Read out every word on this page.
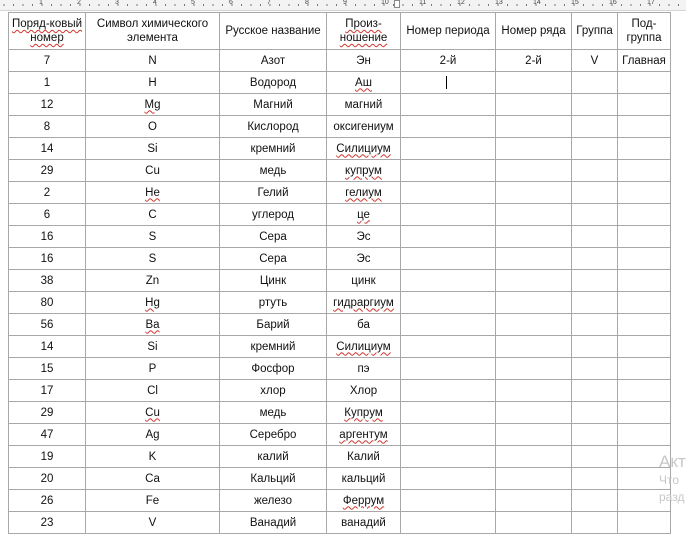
1	2	3	4	5	6	7	8	9	10	11	12	13	14	15	16	17
Поряд-ковый номер	Символ химического элемента	Русское название	Произ-ношение	Номер периода	Номер ряда	Группа	Под-группа
7	N	Азот	Эн	2-й	2-й	V	Главная
1	H	Водород	Аш				
12	Mg	Магний	магний				
8	O	Кислород	оксигениум				
14	Si	кремний	Силициум				
29	Cu	медь	купрум				
2	He	Гелий	гелиум				
6	C	углерод	це				
16	S	Сера	Эс				
16	S	Сера	Эс				
38	Zn	Цинк	цинк				
80	Hg	ртуть	гидраргиум				
56	Ba	Барий	ба				
14	Si	кремний	Силициум				
15	P	Фосфор	пэ				
17	Cl	хлор	Хлор				
29	Cu	медь	Купрум				
47	Ag	Серебро	аргентум				
19	K	калий	Калий				
20	Ca	Кальций	кальций				
26	Fe	железо	Феррум				
23	V	Ванадий	ванадий				
Акт
Что
разд
